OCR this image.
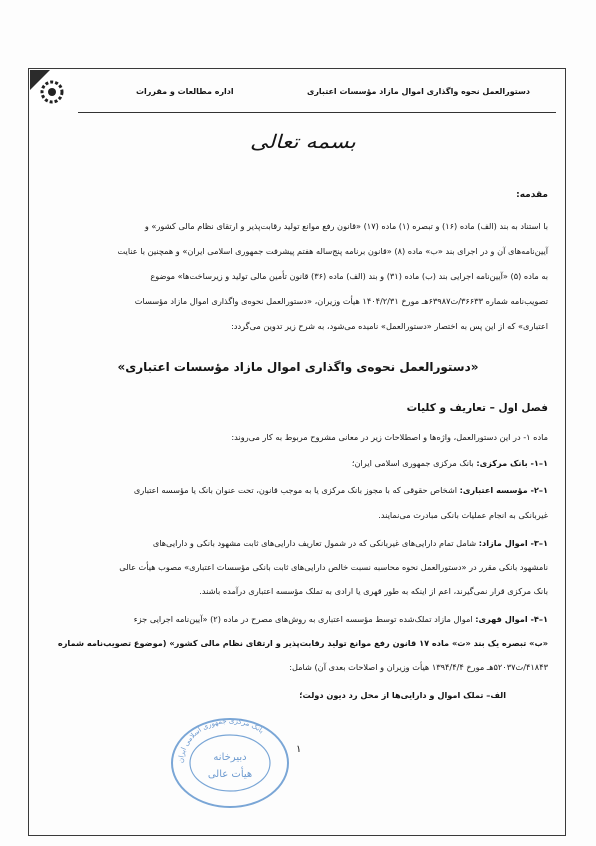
دستورالعمل نحوه واگذاری اموال مازاد مؤسسات اعتباری
اداره مطالعات و مقررات
بسمه تعالی
مقدمه:
با استناد به بند (الف) ماده (۱۶) و تبصره (۱) ماده (۱۷) «قانون رفع موانع تولید رقابت‌پذیر و ارتقای نظام مالی کشور» و
آیین‌نامه‌های آن و در اجرای بند «ب» ماده (۸) «قانون برنامه پنج‌ساله هفتم پیشرفت جمهوری اسلامی ایران» و همچنین با عنایت
به ماده (۵) «آیین‌نامه اجرایی بند (ب) ماده (۳۱) و بند (الف) ماده (۳۶) قانون تأمین مالی تولید و زیرساخت‌ها» موضوع
تصویب‌نامه شماره ۳۶۶۳۳/ت۶۳۹۸۷هـ مورخ ۱۴۰۴/۲/۳۱ هیأت وزیران، «دستورالعمل نحوه‌ی واگذاری اموال مازاد مؤسسات
اعتباری» که از این پس به اختصار «دستورالعمل» نامیده می‌شود، به شرح زیر تدوین می‌گردد:
«دستورالعمل نحوه‌ی واگذاری اموال مازاد مؤسسات اعتباری»
فصل اول – تعاریف و کلیات
ماده ۱- در این دستورالعمل، واژه‌ها و اصطلاحات زیر در معانی مشروح مربوط به کار می‌روند:
۱–۱- بانک مرکزی: بانک مرکزی جمهوری اسلامی ایران؛
۱–۲- مؤسسه اعتباری: اشخاص حقوقی که با مجوز بانک مرکزی یا به موجب قانون، تحت عنوان بانک یا مؤسسه اعتباری
غیربانکی به انجام عملیات بانکی مبادرت می‌نمایند.
۱–۳- اموال مازاد: شامل تمام دارایی‌های غیربانکی که در شمول تعاریف دارایی‌های ثابت مشهود بانکی و دارایی‌های
نامشهود بانکی مقرر در «دستورالعمل نحوه محاسبه نسبت خالص دارایی‌های ثابت بانکی مؤسسات اعتباری» مصوب هیأت عالی
بانک مرکزی قرار نمی‌گیرند، اعم از اینکه به طور قهری یا ارادی به تملک مؤسسه اعتباری درآمده باشند.
۱–۴- اموال قهری: اموال مازاد تملک‌شده توسط مؤسسه اعتباری به روش‌های مصرح در ماده (۲) «آیین‌نامه اجرایی جزء
«ب» تبصره یک بند «ت» ماده ۱۷ قانون رفع موانع تولید رقابت‌پذیر و ارتقای نظام مالی کشور» (موضوع تصویب‌نامه شماره
۴۱۸۴۳/ت۵۲۰۳۷هـ مورخ ۱۳۹۴/۴/۴ هیأت وزیران و اصلاحات بعدی آن) شامل:
الف– تملک اموال و دارایی‌ها از محل رد دیون دولت؛
۱
بانک مرکزی جمهوری اسلامی ایران
دبیرخانه
هیأت عالی
